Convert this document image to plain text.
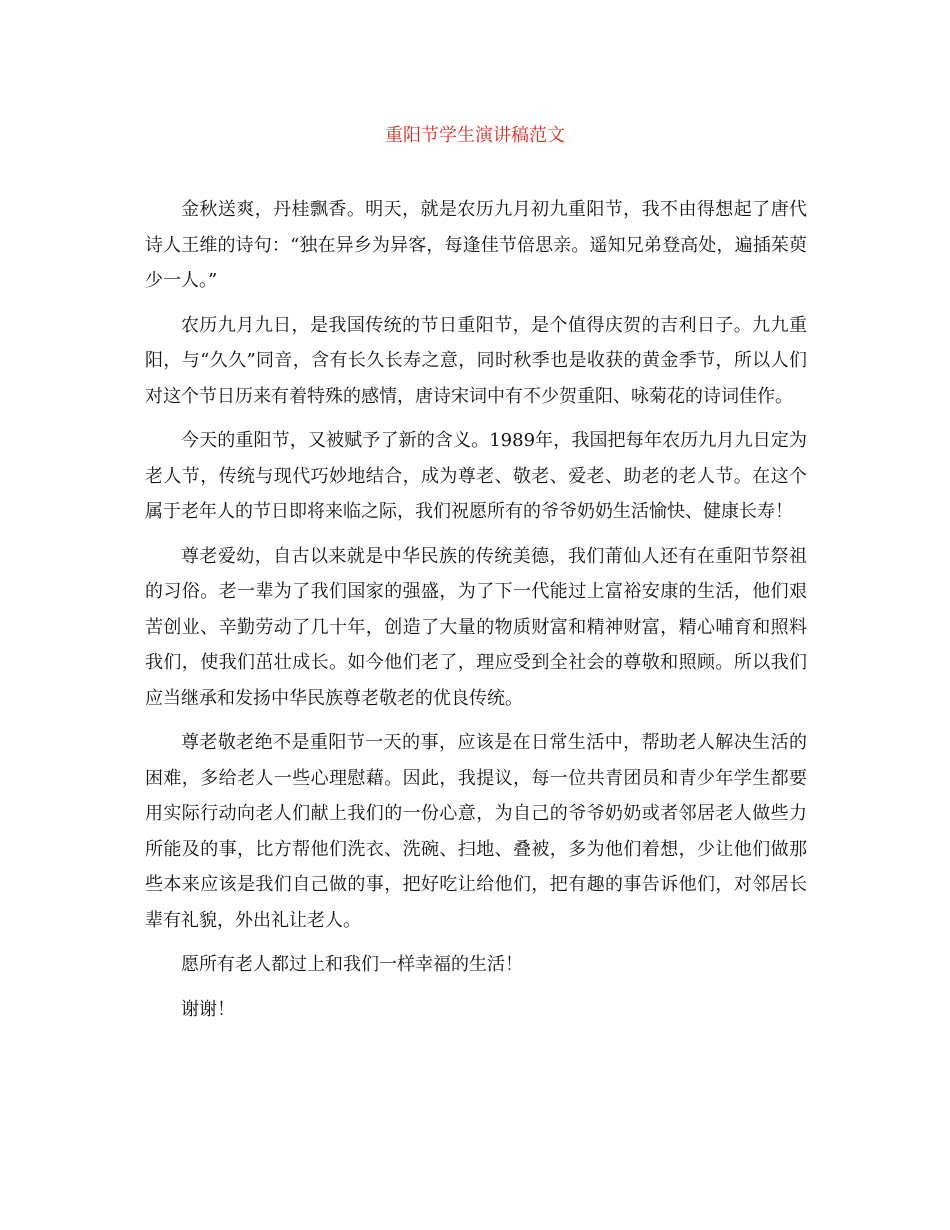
重阳节学生演讲稿范文

金秋送爽，丹桂飘香。明天，就是农历九月初九重阳节，我不由得想起了唐代诗人王维的诗句：“独在异乡为异客，每逢佳节倍思亲。遥知兄弟登高处，遍插茱萸少一人。”

农历九月九日，是我国传统的节日重阳节，是个值得庆贺的吉利日子。九九重阳，与“久久”同音，含有长久长寿之意，同时秋季也是收获的黄金季节，所以人们对这个节日历来有着特殊的感情，唐诗宋词中有不少贺重阳、咏菊花的诗词佳作。

今天的重阳节，又被赋予了新的含义。1989年，我国把每年农历九月九日定为老人节，传统与现代巧妙地结合，成为尊老、敬老、爱老、助老的老人节。在这个属于老年人的节日即将来临之际，我们祝愿所有的爷爷奶奶生活愉快、健康长寿！

尊老爱幼，自古以来就是中华民族的传统美德，我们莆仙人还有在重阳节祭祖的习俗。老一辈为了我们国家的强盛，为了下一代能过上富裕安康的生活，他们艰苦创业、辛勤劳动了几十年，创造了大量的物质财富和精神财富，精心哺育和照料我们，使我们茁壮成长。如今他们老了，理应受到全社会的尊敬和照顾。所以我们应当继承和发扬中华民族尊老敬老的优良传统。

尊老敬老绝不是重阳节一天的事，应该是在日常生活中，帮助老人解决生活的困难，多给老人一些心理慰藉。因此，我提议，每一位共青团员和青少年学生都要用实际行动向老人们献上我们的一份心意，为自己的爷爷奶奶或者邻居老人做些力所能及的事，比方帮他们洗衣、洗碗、扫地、叠被，多为他们着想，少让他们做那些本来应该是我们自己做的事，把好吃让给他们，把有趣的事告诉他们，对邻居长辈有礼貌，外出礼让老人。

愿所有老人都过上和我们一样幸福的生活！

谢谢！
